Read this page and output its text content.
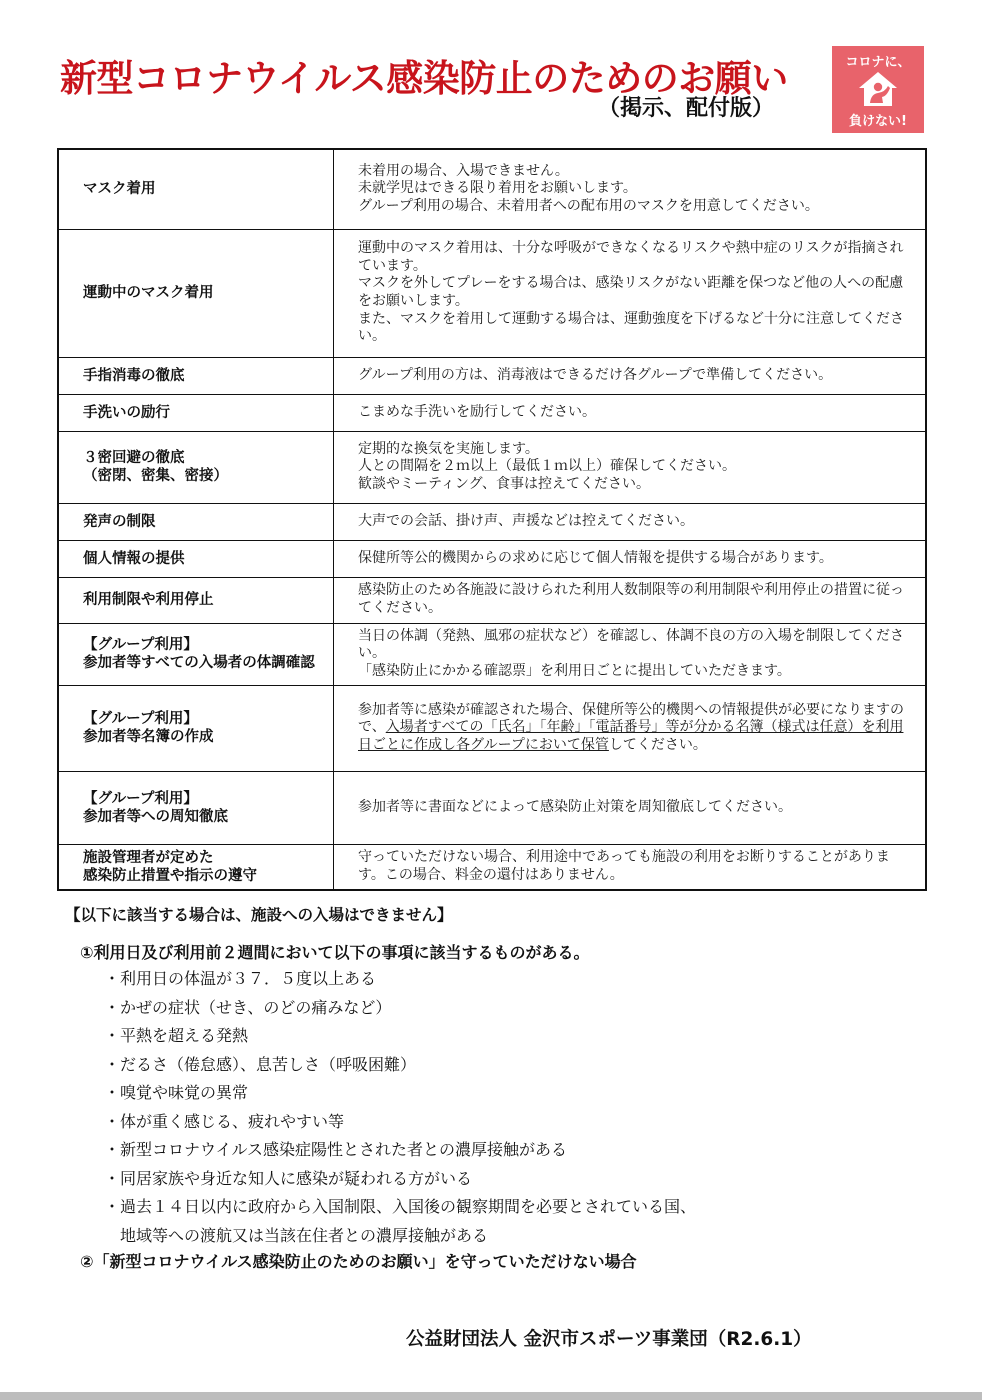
新型コロナウイルス感染防止のためのお願い
（掲示、配付版）
コロナに、
負けない!
マスク着用	未着用の場合、入場できません。
未就学児はできる限り着用をお願いします。
グループ利用の場合、未着用者への配布用のマスクを用意してください。
運動中のマスク着用	運動中のマスク着用は、十分な呼吸ができなくなるリスクや熱中症のリスクが指摘されています。
マスクを外してプレーをする場合は、感染リスクがない距離を保つなど他の人への配慮をお願いします。
また、マスクを着用して運動する場合は、運動強度を下げるなど十分に注意してください。
手指消毒の徹底	グループ利用の方は、消毒液はできるだけ各グループで準備してください。
手洗いの励行	こまめな手洗いを励行してください。
３密回避の徹底
（密閉、密集、密接）	定期的な換気を実施します。
人との間隔を２ｍ以上（最低１ｍ以上）確保してください。
歓談やミーティング、食事は控えてください。
発声の制限	大声での会話、掛け声、声援などは控えてください。
個人情報の提供	保健所等公的機関からの求めに応じて個人情報を提供する場合があります。
利用制限や利用停止	感染防止のため各施設に設けられた利用人数制限等の利用制限や利用停止の措置に従ってください。
【グループ利用】
参加者等すべての入場者の体調確認	当日の体調（発熱、風邪の症状など）を確認し、体調不良の方の入場を制限してください。
「感染防止にかかる確認票」を利用日ごとに提出していただきます。
【グループ利用】
参加者等名簿の作成	参加者等に感染が確認された場合、保健所等公的機関への情報提供が必要になりますので、入場者すべての「氏名」「年齢」「電話番号」等が分かる名簿（様式は任意）を利用日ごとに作成し各グループにおいて保管してください。
【グループ利用】
参加者等への周知徹底	参加者等に書面などによって感染防止対策を周知徹底してください。
施設管理者が定めた
感染防止措置や指示の遵守	守っていただけない場合、利用途中であっても施設の利用をお断りすることがあります。この場合、料金の還付はありません。
【以下に該当する場合は、施設への入場はできません】
①利用日及び利用前２週間において以下の事項に該当するものがある。
・利用日の体温が３７．５度以上ある
・かぜの症状（せき、のどの痛みなど）
・平熱を超える発熱
・だるさ（倦怠感）、息苦しさ（呼吸困難）
・嗅覚や味覚の異常
・体が重く感じる、疲れやすい等
・新型コロナウイルス感染症陽性とされた者との濃厚接触がある
・同居家族や身近な知人に感染が疑われる方がいる
・過去１４日以内に政府から入国制限、入国後の観察期間を必要とされている国、
　地域等への渡航又は当該在住者との濃厚接触がある
②「新型コロナウイルス感染防止のためのお願い」を守っていただけない場合
公益財団法人 金沢市スポーツ事業団（R2.6.1）
